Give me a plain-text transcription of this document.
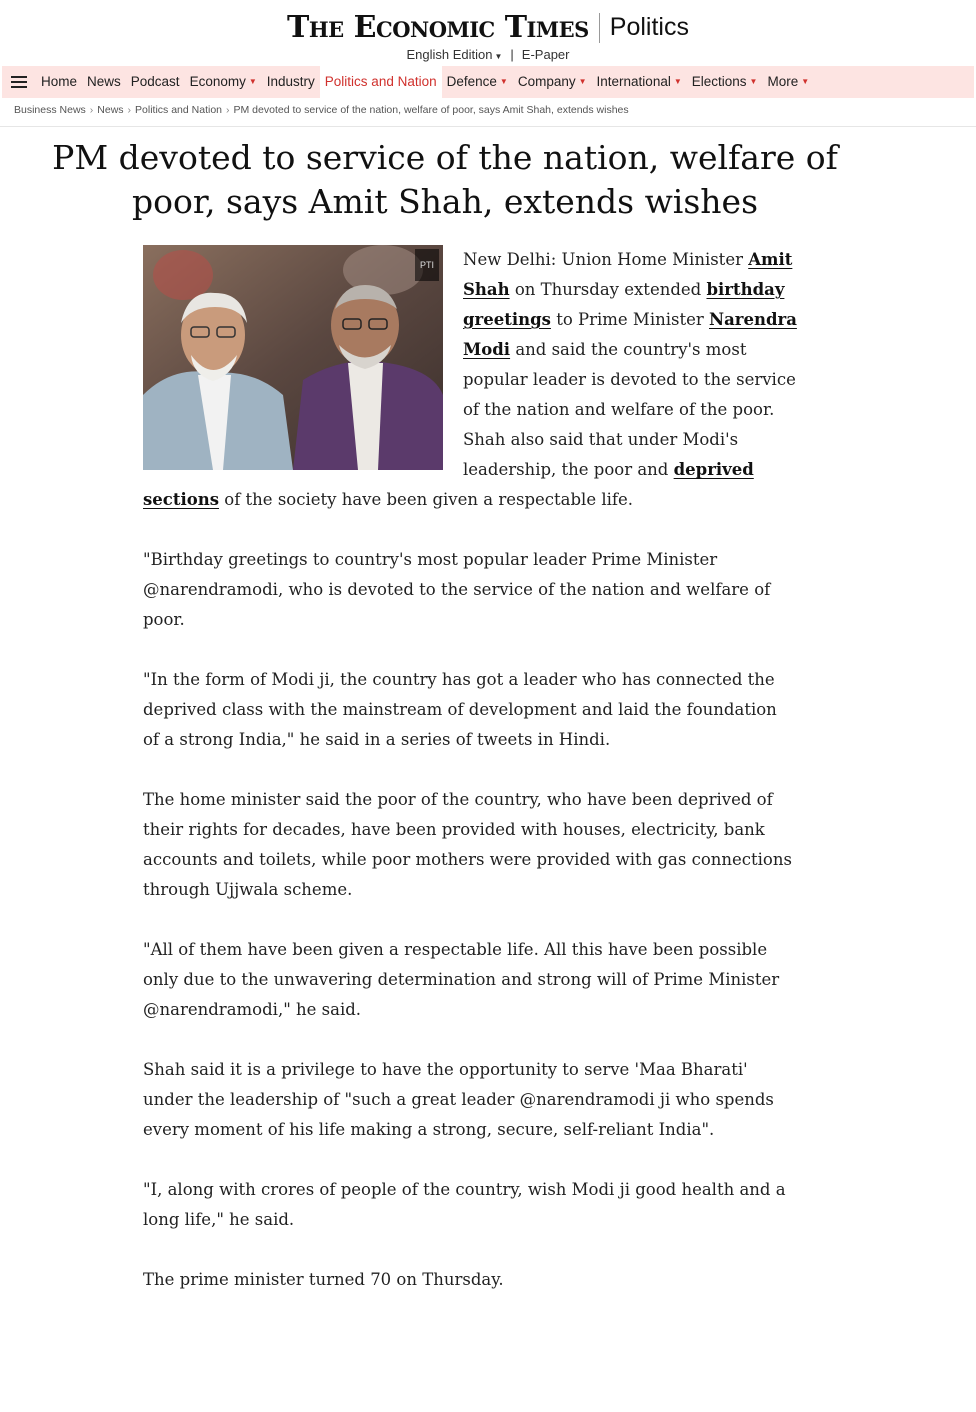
The Economic Times Politics
English Edition ▼ | E-Paper
Home News Podcast Economy ▼ Industry Politics and Nation Defence ▼ Company ▼ International ▼ Elections ▼ More ▼
Business News › News › Politics and Nation › PM devoted to service of the nation, welfare of poor, says Amit Shah, extends wishes
PM devoted to service of the nation, welfare of poor, says Amit Shah, extends wishes
PTI	New Delhi: Union Home Minister Amit Shah on Thursday extended birthday greetings to Prime Minister Narendra Modi and said the country's most popular leader is devoted to the service of the nation and welfare of the poor. Shah also said that under Modi's leadership, the poor and deprived sections of the society have been given a respectable life.

"Birthday greetings to country's most popular leader Prime Minister @narendramodi, who is devoted to the service of the nation and welfare of poor.

"In the form of Modi ji, the country has got a leader who has connected the deprived class with the mainstream of development and laid the foundation of a strong India," he said in a series of tweets in Hindi.

The home minister said the poor of the country, who have been deprived of their rights for decades, have been provided with houses, electricity, bank accounts and toilets, while poor mothers were provided with gas connections through Ujjwala scheme.

"All of them have been given a respectable life. All this have been possible only due to the unwavering determination and strong will of Prime Minister @narendramodi," he said.

Shah said it is a privilege to have the opportunity to serve 'Maa Bharati' under the leadership of "such a great leader @narendramodi ji who spends every moment of his life making a strong, secure, self-reliant India".

"I, along with crores of people of the country, wish Modi ji good health and a long life," he said.

The prime minister turned 70 on Thursday.
